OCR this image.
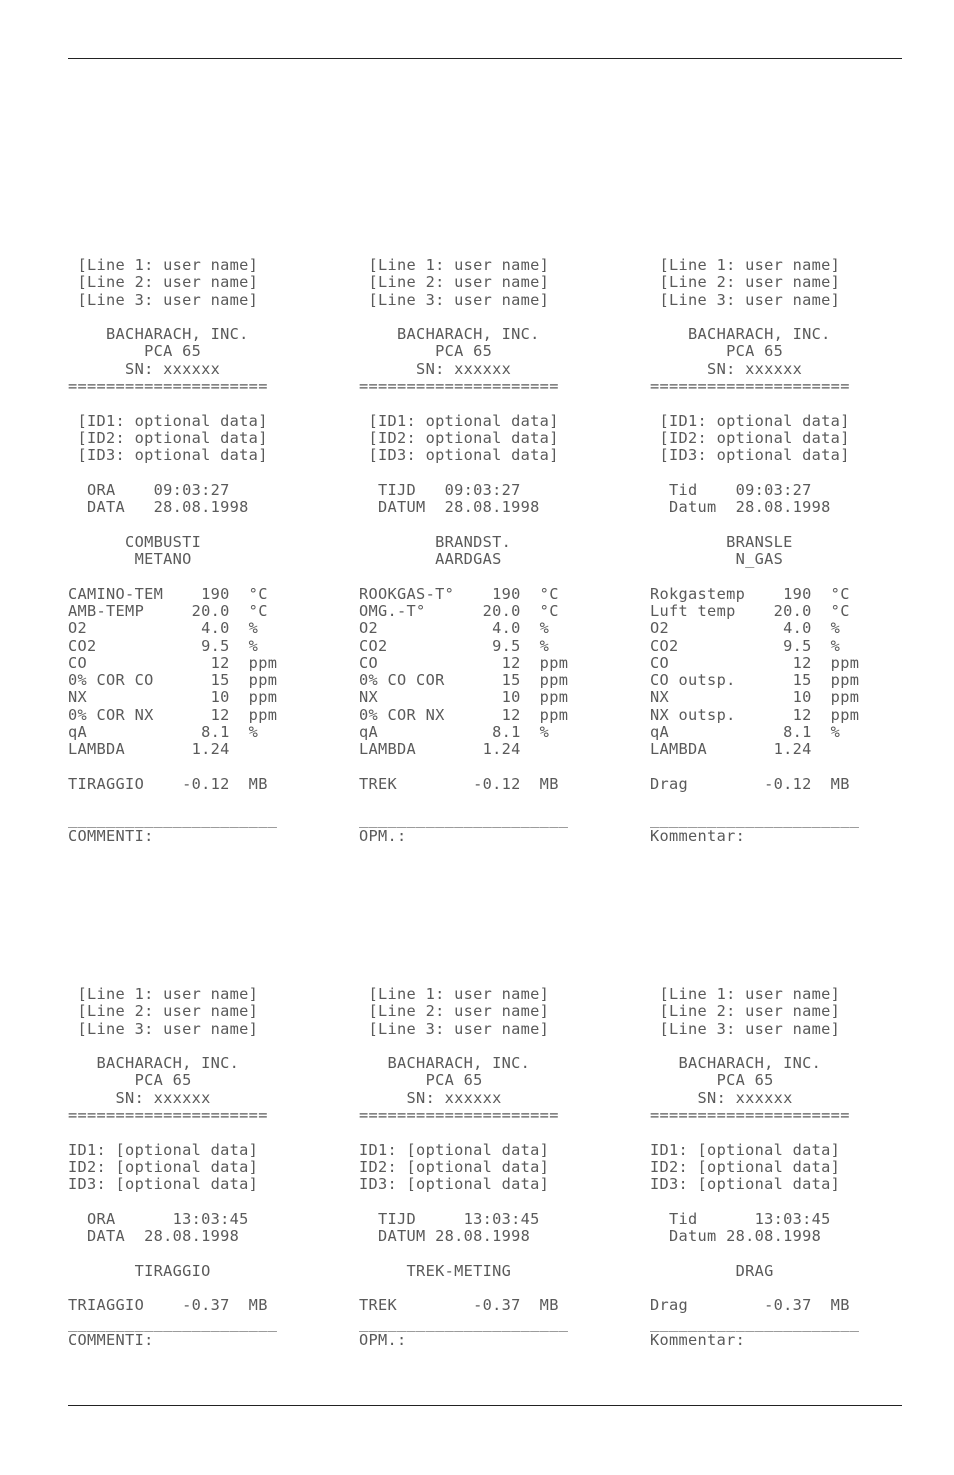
[Line 1: user name]
[Line 2: user name]
[Line 3: user name]

BACHARACH, INC.
PCA 65
SN: xxxxxx
=====================

[ID1: optional data]
[ID2: optional data]
[ID3: optional data]

ORA    09:03:27
DATA   28.08.1998

COMBUSTI
METANO

CAMINO-TEM    190  °C
AMB-TEMP     20.0  °C
O2            4.0  %
CO2           9.5  %
CO             12  ppm
0% COR CO      15  ppm
NX             10  ppm
0% COR NX      12  ppm
qA            8.1  %
LAMBDA       1.24

TIRAGGIO    -0.12  MB

______________________
COMMENTI:
[Line 1: user name]
[Line 2: user name]
[Line 3: user name]

BACHARACH, INC.
PCA 65
SN: xxxxxx
=====================

[ID1: optional data]
[ID2: optional data]
[ID3: optional data]

TIJD   09:03:27
DATUM  28.08.1998

BRANDST.
AARDGAS

ROOKGAS-T°    190  °C
OMG.-T°      20.0  °C
O2            4.0  %
CO2           9.5  %
CO             12  ppm
0% CO COR      15  ppm
NX             10  ppm
0% COR NX      12  ppm
qA            8.1  %
LAMBDA       1.24

TREK        -0.12  MB

______________________
OPM.:
[Line 1: user name]
[Line 2: user name]
[Line 3: user name]

BACHARACH, INC.
PCA 65
SN: xxxxxx
=====================

[ID1: optional data]
[ID2: optional data]
[ID3: optional data]

Tid    09:03:27
Datum  28.08.1998

BRANSLE
N_GAS

Rokgastemp    190  °C
Luft temp    20.0  °C
O2            4.0  %
CO2           9.5  %
CO             12  ppm
CO outsp.      15  ppm
NX             10  ppm
NX outsp.      12  ppm
qA            8.1  %
LAMBDA       1.24

Drag        -0.12  MB

______________________
Kommentar:
[Line 1: user name]
[Line 2: user name]
[Line 3: user name]

BACHARACH, INC.
PCA 65
SN: xxxxxx
=====================

ID1: [optional data]
ID2: [optional data]
ID3: [optional data]

ORA      13:03:45
DATA  28.08.1998

TIRAGGIO

TRIAGGIO    -0.37  MB
______________________
COMMENTI:
[Line 1: user name]
[Line 2: user name]
[Line 3: user name]

BACHARACH, INC.
PCA 65
SN: xxxxxx
=====================

ID1: [optional data]
ID2: [optional data]
ID3: [optional data]

TIJD     13:03:45
DATUM 28.08.1998

TREK-METING

TREK        -0.37  MB
______________________
OPM.:
[Line 1: user name]
[Line 2: user name]
[Line 3: user name]

BACHARACH, INC.
PCA 65
SN: xxxxxx
=====================

ID1: [optional data]
ID2: [optional data]
ID3: [optional data]

Tid      13:03:45
Datum 28.08.1998

DRAG

Drag        -0.37  MB
______________________
Kommentar:
